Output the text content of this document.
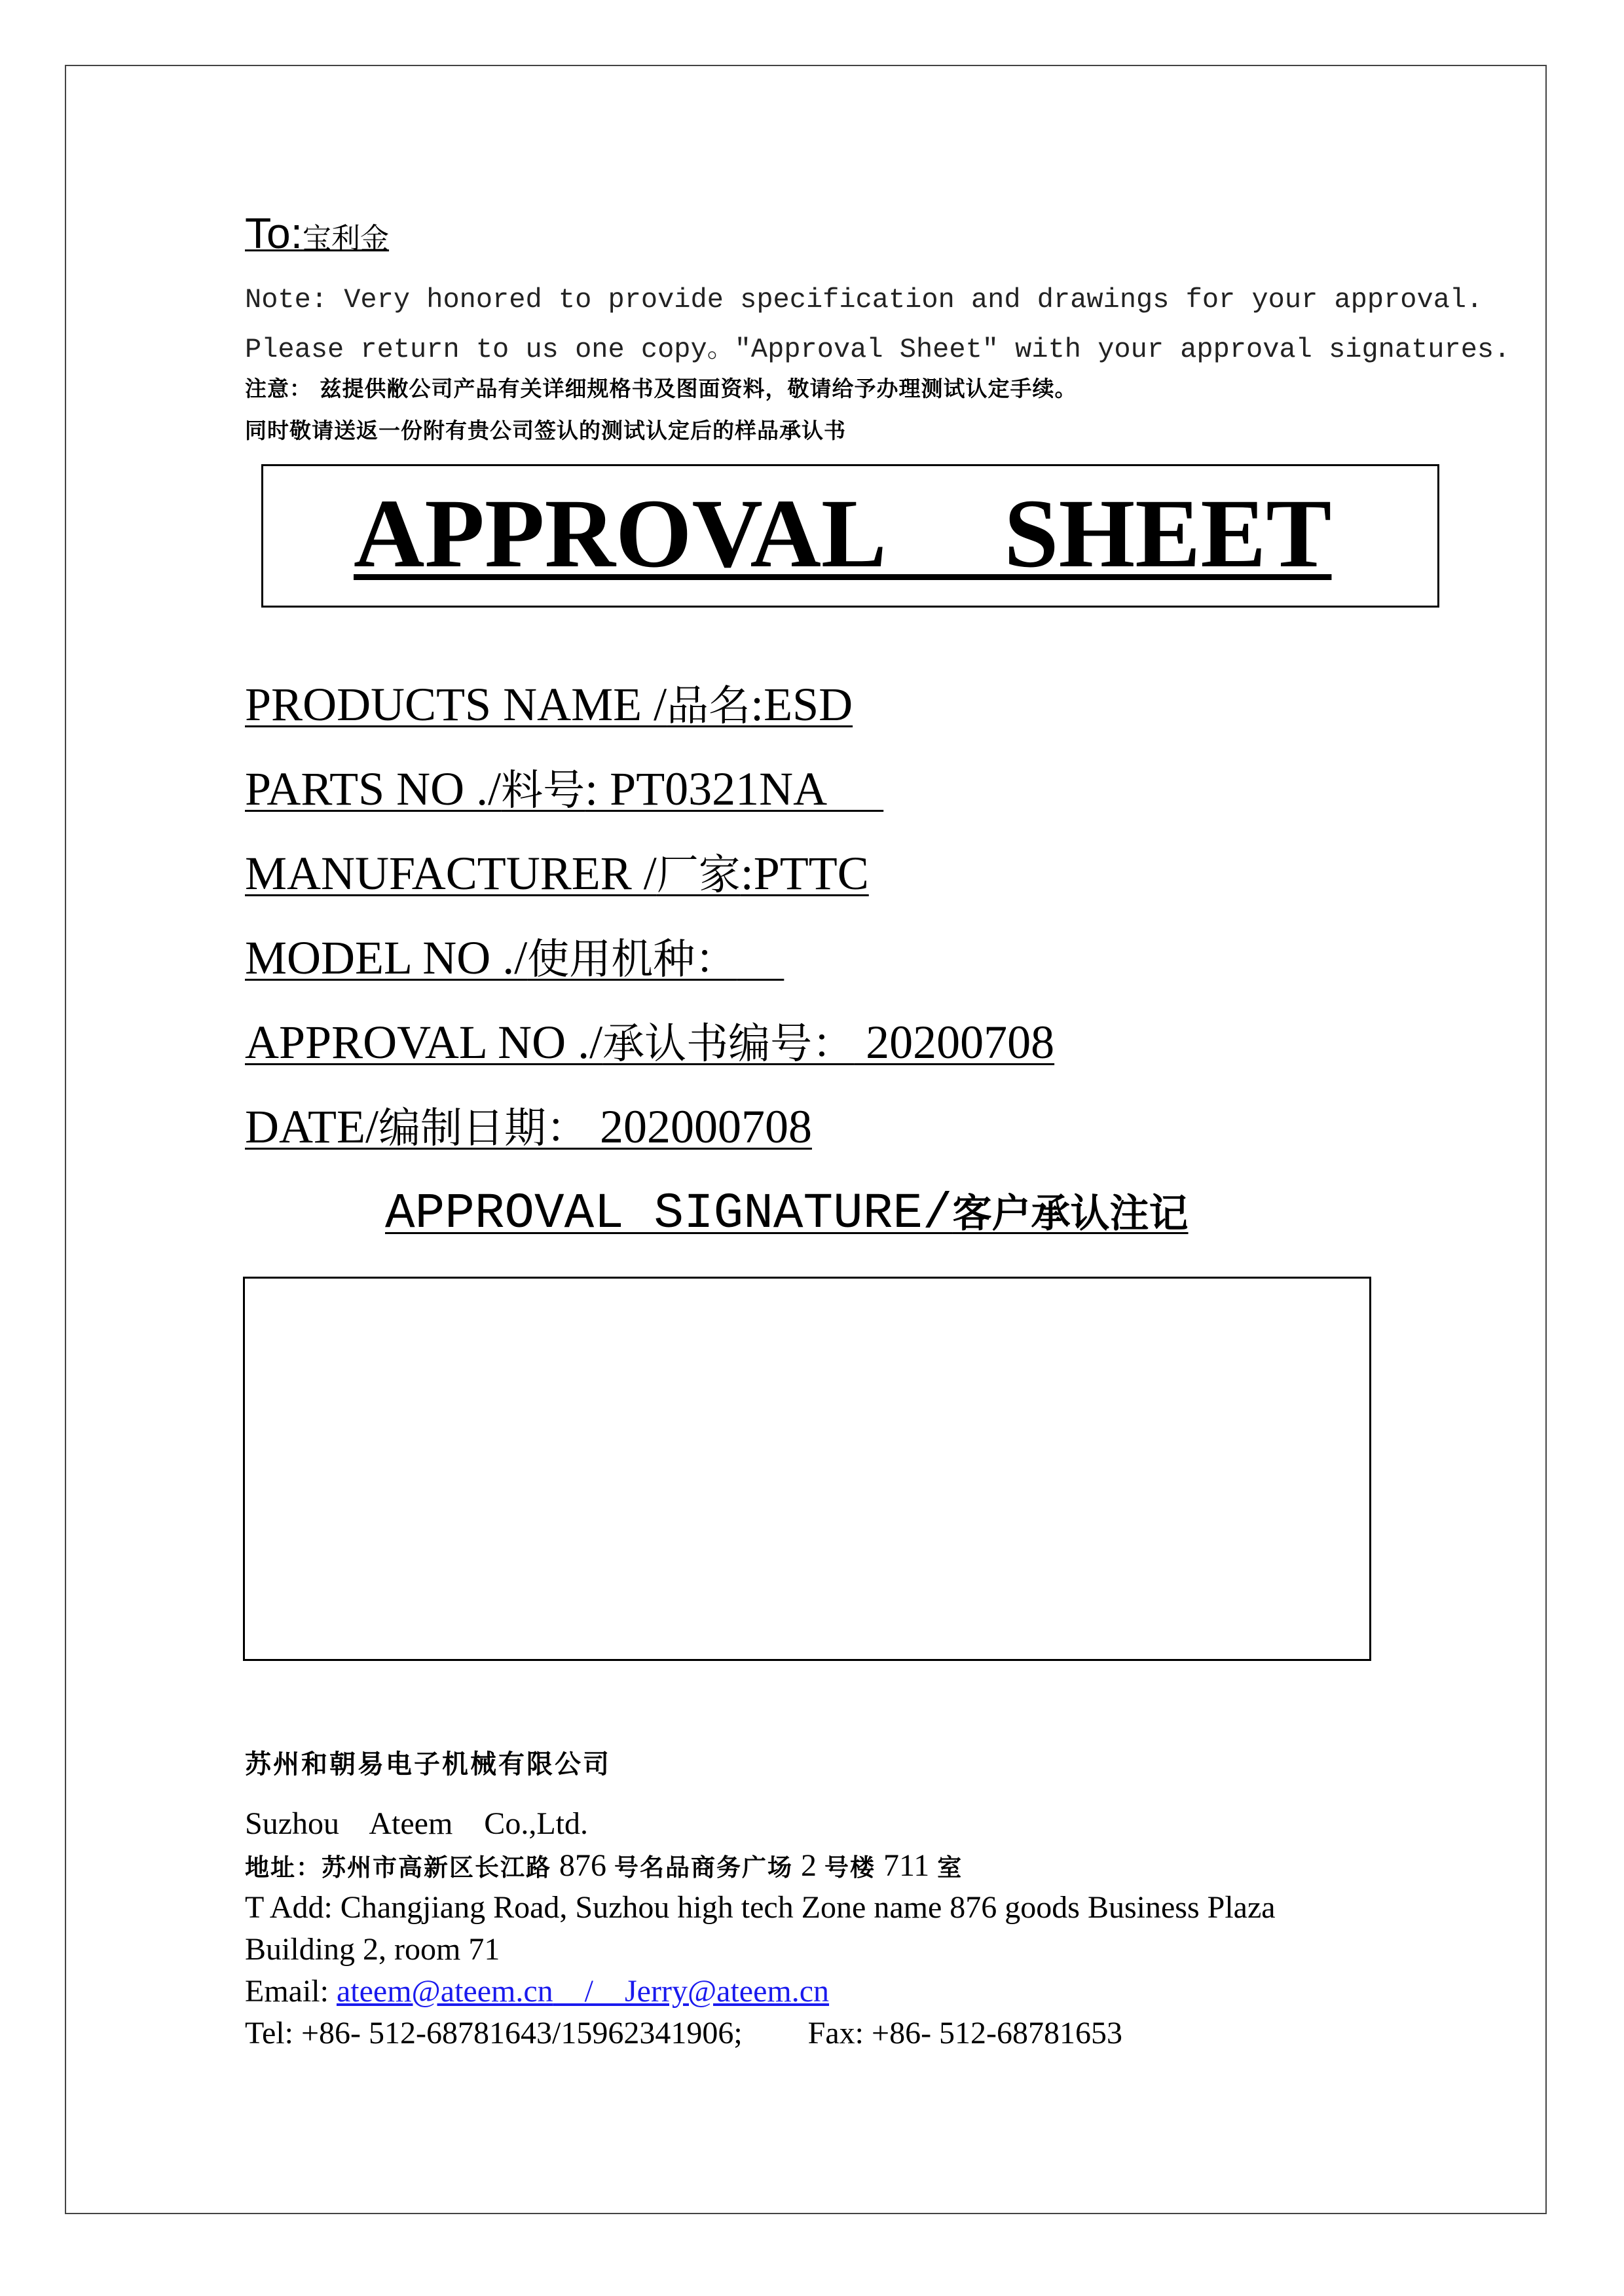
To:宝利金
Note: Very honored to provide specification and drawings for your approval.
Please return to us one copy。"Approval Sheet" with your approval signatures.
注意： 兹提供敝公司产品有关详细规格书及图面资料，敬请给予办理测试认定手续。
同时敬请送返一份附有贵公司签认的测试认定后的样品承认书
APPROVAL     SHEET
PRODUCTS NAME /品名:ESD
PARTS NO ./料号: PT0321NA
MANUFACTURER /厂家:PTTC
MODEL NO ./使用机种：
APPROVAL NO ./承认书编号： 20200708
DATE/编制日期： 202000708
APPROVAL SIGNATURE/客户承认注记
苏州和朝易电子机械有限公司
Suzhou    Ateem    Co.,Ltd.
地址：苏州市高新区长江路 876 号名品商务广场 2 号楼 711 室
T Add: Changjiang Road, Suzhou high tech Zone name 876 goods Business Plaza
Building 2, room 71
Email: ateem@ateem.cn    /    Jerry@ateem.cn
Tel: +86- 512-68781643/15962341906; Fax: +86- 512-68781653
